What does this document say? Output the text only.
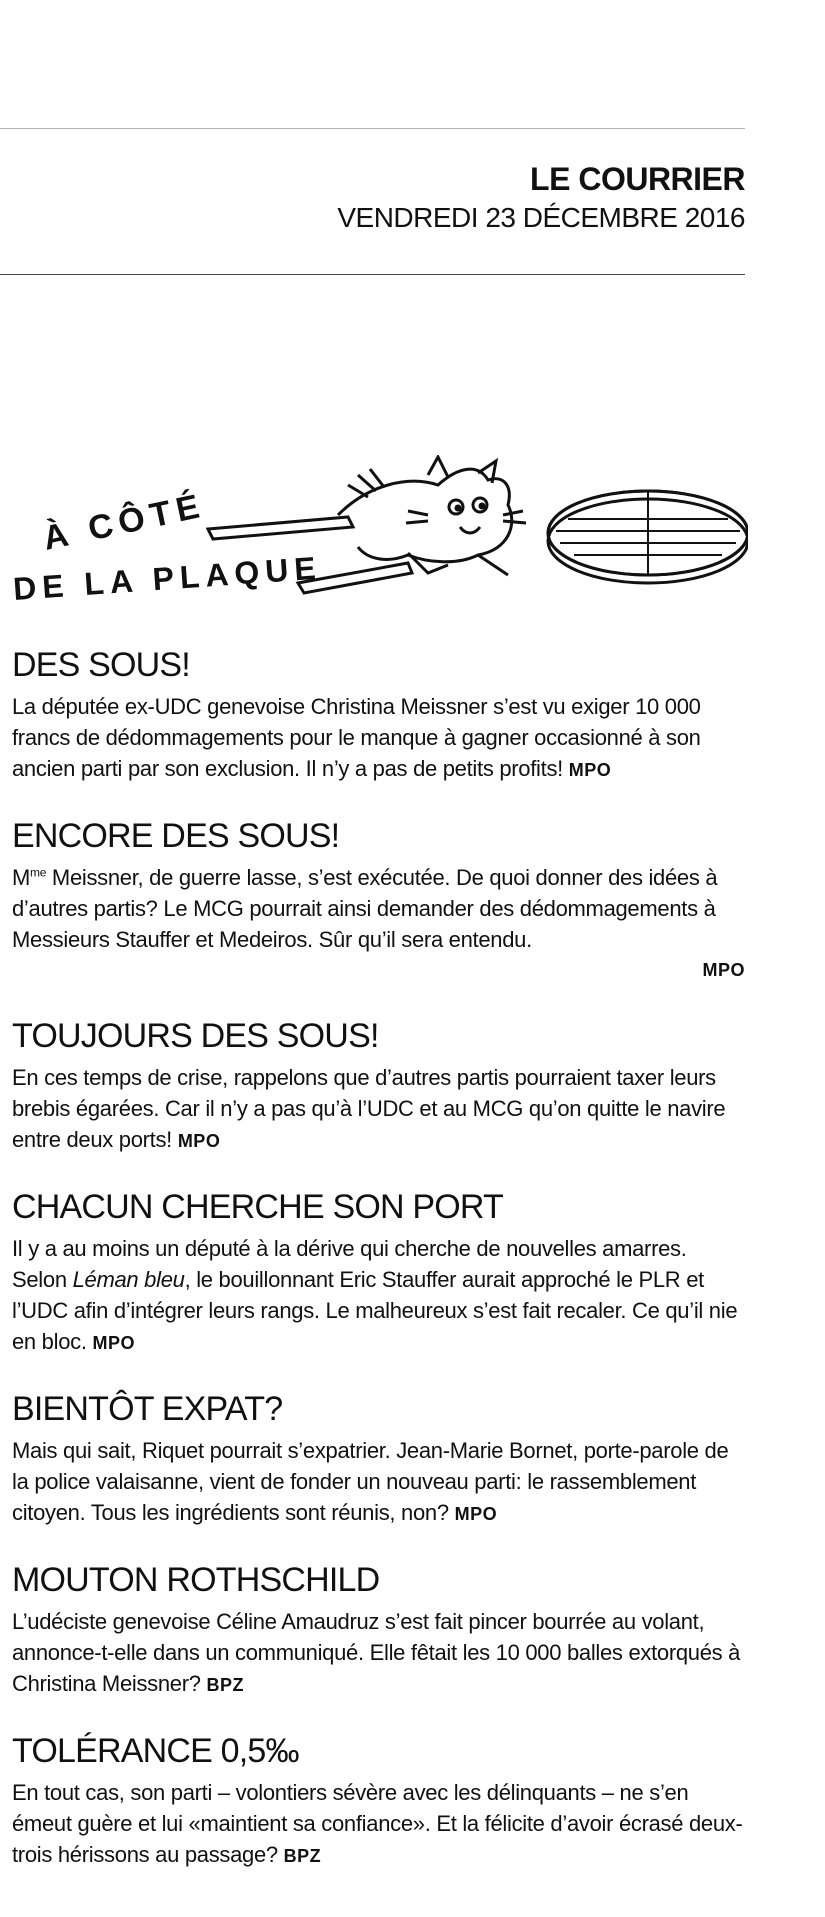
LE COURRIER
VENDREDI 23 DÉCEMBRE 2016
À CÔTÉ
DE LA PLAQUE
DES SOUS!

La députée ex-UDC genevoise Christina Meissner s’est vu exiger 10 000 francs de dédommagements pour le manque à gagner occasionné à son ancien parti par son exclusion. Il n’y a pas de petits profits! MPO

ENCORE DES SOUS!

$M^{me}$ Meissner, de guerre lasse, s’est exécutée. De quoi donner des idées à d’autres partis? Le MCG pourrait ainsi demander des dédommagements à Messieurs Stauffer et Medeiros. Sûr qu’il sera entendu.
MPO

TOUJOURS DES SOUS!

En ces temps de crise, rappelons que d’autres partis pourraient taxer leurs brebis égarées. Car il n’y a pas qu’à l’UDC et au MCG qu’on quitte le navire entre deux ports! MPO

CHACUN CHERCHE SON PORT

Il y a au moins un député à la dérive qui cherche de nouvelles amarres. Selon Léman bleu, le bouillonnant Eric Stauffer aurait approché le PLR et l’UDC afin d’intégrer leurs rangs. Le malheureux s’est fait recaler. Ce qu’il nie en bloc. MPO

BIENTÔT EXPAT?

Mais qui sait, Riquet pourrait s’expatrier. Jean-Marie Bornet, porte-parole de la police valaisanne, vient de fonder un nouveau parti: le rassemblement citoyen. Tous les ingrédients sont réunis, non? MPO

MOUTON ROTHSCHILD

L’udéciste genevoise Céline Amaudruz s’est fait pincer bourrée au volant, annonce-t-elle dans un communiqué. Elle fêtait les 10 000 balles extorqués à Christina Meissner? BPZ

TOLÉRANCE 0,5‰

En tout cas, son parti – volontiers sévère avec les délinquants – ne s’en émeut guère et lui «maintient sa confiance». Et la félicite d’avoir écrasé deux-trois hérissons au passage? BPZ
